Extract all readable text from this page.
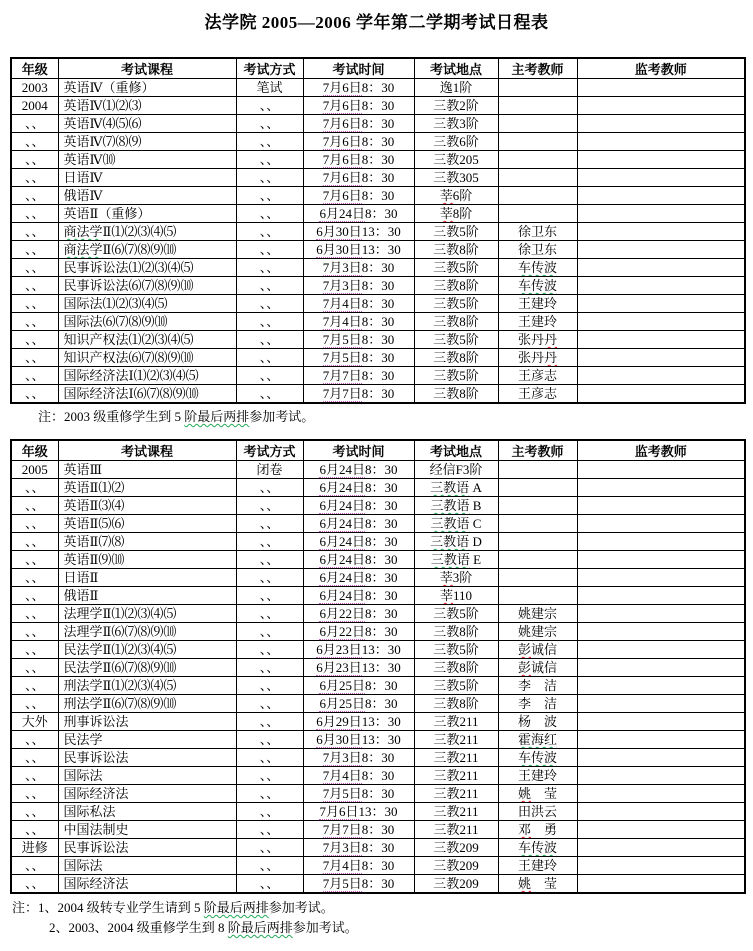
法学院 2005—2006 学年第二学期考试日程表
年级	考试课程	考试方式	考试时间	考试地点	主考教师	监考教师
2003	英语Ⅳ（重修）	笔试	7月6日8：30	逸1阶		
2004	英语Ⅳ⑴⑵⑶	、、	7月6日8：30	三教2阶		
、、	英语Ⅳ⑷⑸⑹	、、	7月6日8：30	三教3阶		
、、	英语Ⅳ⑺⑻⑼	、、	7月6日8：30	三教6阶		
、、	英语Ⅳ⑽	、、	7月6日8：30	三教205		
、、	日语Ⅳ	、、	7月6日8：30	三教305		
、、	俄语Ⅳ	、、	7月6日8：30	莘6阶		
、、	英语Ⅱ（重修）	、、	6月24日8：30	莘8阶		
、、	商法学Ⅱ⑴⑵⑶⑷⑸	、、	6月30日13：30	三教5阶	徐卫东	
、、	商法学Ⅱ⑹⑺⑻⑼⑽	、、	6月30日13：30	三教8阶	徐卫东	
、、	民事诉讼法⑴⑵⑶⑷⑸	、、	7月3日8：30	三教5阶	车传波	
、、	民事诉讼法⑹⑺⑻⑼⑽	、、	7月3日8：30	三教8阶	车传波	
、、	国际法⑴⑵⑶⑷⑸	、、	7月4日8：30	三教5阶	王建玲	
、、	国际法⑹⑺⑻⑼⑽	、、	7月4日8：30	三教8阶	王建玲	
、、	知识产权法⑴⑵⑶⑷⑸	、、	7月5日8：30	三教5阶	张丹丹	
、、	知识产权法⑹⑺⑻⑼⑽	、、	7月5日8：30	三教8阶	张丹丹	
、、	国际经济法Ⅰ⑴⑵⑶⑷⑸	、、	7月7日8：30	三教5阶	王彦志	
、、	国际经济法Ⅰ⑹⑺⑻⑼⑽	、、	7月7日8：30	三教8阶	王彦志	

注：2003 级重修学生到 5 阶最后两排参加考试。

年级	考试课程	考试方式	考试时间	考试地点	主考教师	监考教师
2005	英语Ⅲ	闭卷	6月24日8：30	经信F3阶		
、、	英语Ⅱ⑴⑵	、、	6月24日8：30	三教语 A		
、、	英语Ⅱ⑶⑷	、、	6月24日8：30	三教语 B		
、、	英语Ⅱ⑸⑹	、、	6月24日8：30	三教语 C		
、、	英语Ⅱ⑺⑻	、、	6月24日8：30	三教语 D		
、、	英语Ⅱ⑼⑽	、、	6月24日8：30	三教语 E		
、、	日语Ⅱ	、、	6月24日8：30	莘3阶		
、、	俄语Ⅱ	、、	6月24日8：30	莘110		
、、	法理学Ⅱ⑴⑵⑶⑷⑸	、、	6月22日8：30	三教5阶	姚建宗	
、、	法理学Ⅱ⑹⑺⑻⑼⑽	、、	6月22日8：30	三教8阶	姚建宗	
、、	民法学Ⅱ⑴⑵⑶⑷⑸	、、	6月23日13：30	三教5阶	彭诚信	
、、	民法学Ⅱ⑹⑺⑻⑼⑽	、、	6月23日13：30	三教8阶	彭诚信	
、、	刑法学Ⅱ⑴⑵⑶⑷⑸	、、	6月25日8：30	三教5阶	李　洁	
、、	刑法学Ⅱ⑹⑺⑻⑼⑽	、、	6月25日8：30	三教8阶	李　洁	
大外	刑事诉讼法	、、	6月29日13：30	三教211	杨　波	
、、	民法学	、、	6月30日13：30	三教211	霍海红	
、、	民事诉讼法	、、	7月3日8：30	三教211	车传波	
、、	国际法	、、	7月4日8：30	三教211	王建玲	
、、	国际经济法	、、	7月5日8：30	三教211	姚　莹	
、、	国际私法	、、	7月6日13：30	三教211	田洪云	
、、	中国法制史	、、	7月7日8：30	三教211	邓　勇	
进修	民事诉讼法	、、	7月3日8：30	三教209	车传波	
、、	国际法	、、	7月4日8：30	三教209	王建玲	
、、	国际经济法	、、	7月5日8：30	三教209	姚　莹	

注：1、2004 级转专业学生请到 5 阶最后两排参加考试。

2、2003、2004 级重修学生到 8 阶最后两排参加考试。
